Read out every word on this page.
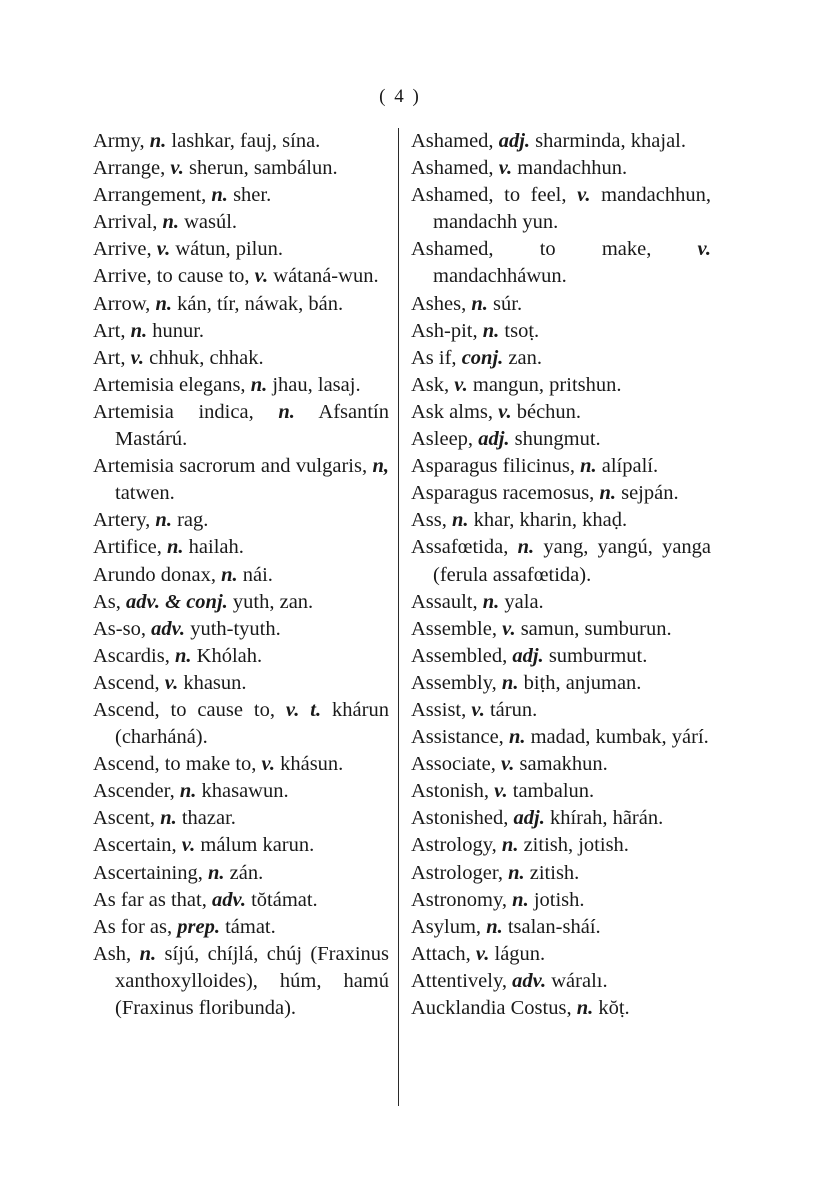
( 4 )
Army, n. lashkar, fauj, sína.
Arrange, v. sherun, sambálun.
Arrangement, n. sher.
Arrival, n. wasúl.
Arrive, v. wátun, pilun.
Arrive, to cause to, v. wátaná-wun.
Arrow, n. kán, tír, náwak, bán.
Art, n. hunur.
Art, v. chhuk, chhak.
Artemisia elegans, n. jhau, lasaj.
Artemisia indica, n. Afsantín Mastárú.
Artemisia sacrorum and vulgaris, n, tatwen.
Artery, n. rag.
Artifice, n. hailah.
Arundo donax, n. nái.
As, adv. & conj. yuth, zan.
As-so, adv. yuth-tyuth.
Ascardis, n. Khólah.
Ascend, v. khasun.
Ascend, to cause to, v. t. khárun (charháná).
Ascend, to make to, v. khásun.
Ascender, n. khasawun.
Ascent, n. thazar.
Ascertain, v. málum karun.
Ascertaining, n. zán.
As far as that, adv. tŏtámat.
As for as, prep. támat.
Ash, n. síjú, chíjlá, chúj (Fraxinus xanthoxylloides), húm, hamú (Fraxinus floribunda).
Ashamed, adj. sharminda, khajal.
Ashamed, v. mandachhun.
Ashamed, to feel, v. mandachhun, mandachh yun.
Ashamed, to make, v. mandachháwun.
Ashes, n. súr.
Ash-pit, n. tsoṭ.
As if, conj. zan.
Ask, v. mangun, pritshun.
Ask alms, v. béchun.
Asleep, adj. shungmut.
Asparagus filicinus, n. alípalí.
Asparagus racemosus, n. sejpán.
Ass, n. khar, kharin, khaḍ.
Assafœtida, n. yang, yangú, yanga (ferula assafœtida).
Assault, n. yala.
Assemble, v. samun, sumburun.
Assembled, adj. sumburmut.
Assembly, n. biṭh, anjuman.
Assist, v. tárun.
Assistance, n. madad, kumbak, yárí.
Associate, v. samakhun.
Astonish, v. tambalun.
Astonished, adj. khírah, hãrán.
Astrology, n. zitish, jotish.
Astrologer, n. zitish.
Astronomy, n. jotish.
Asylum, n. tsalan-sháí.
Attach, v. lágun.
Attentively, adv. wáralı.
Aucklandia Costus, n. kŏṭ.
